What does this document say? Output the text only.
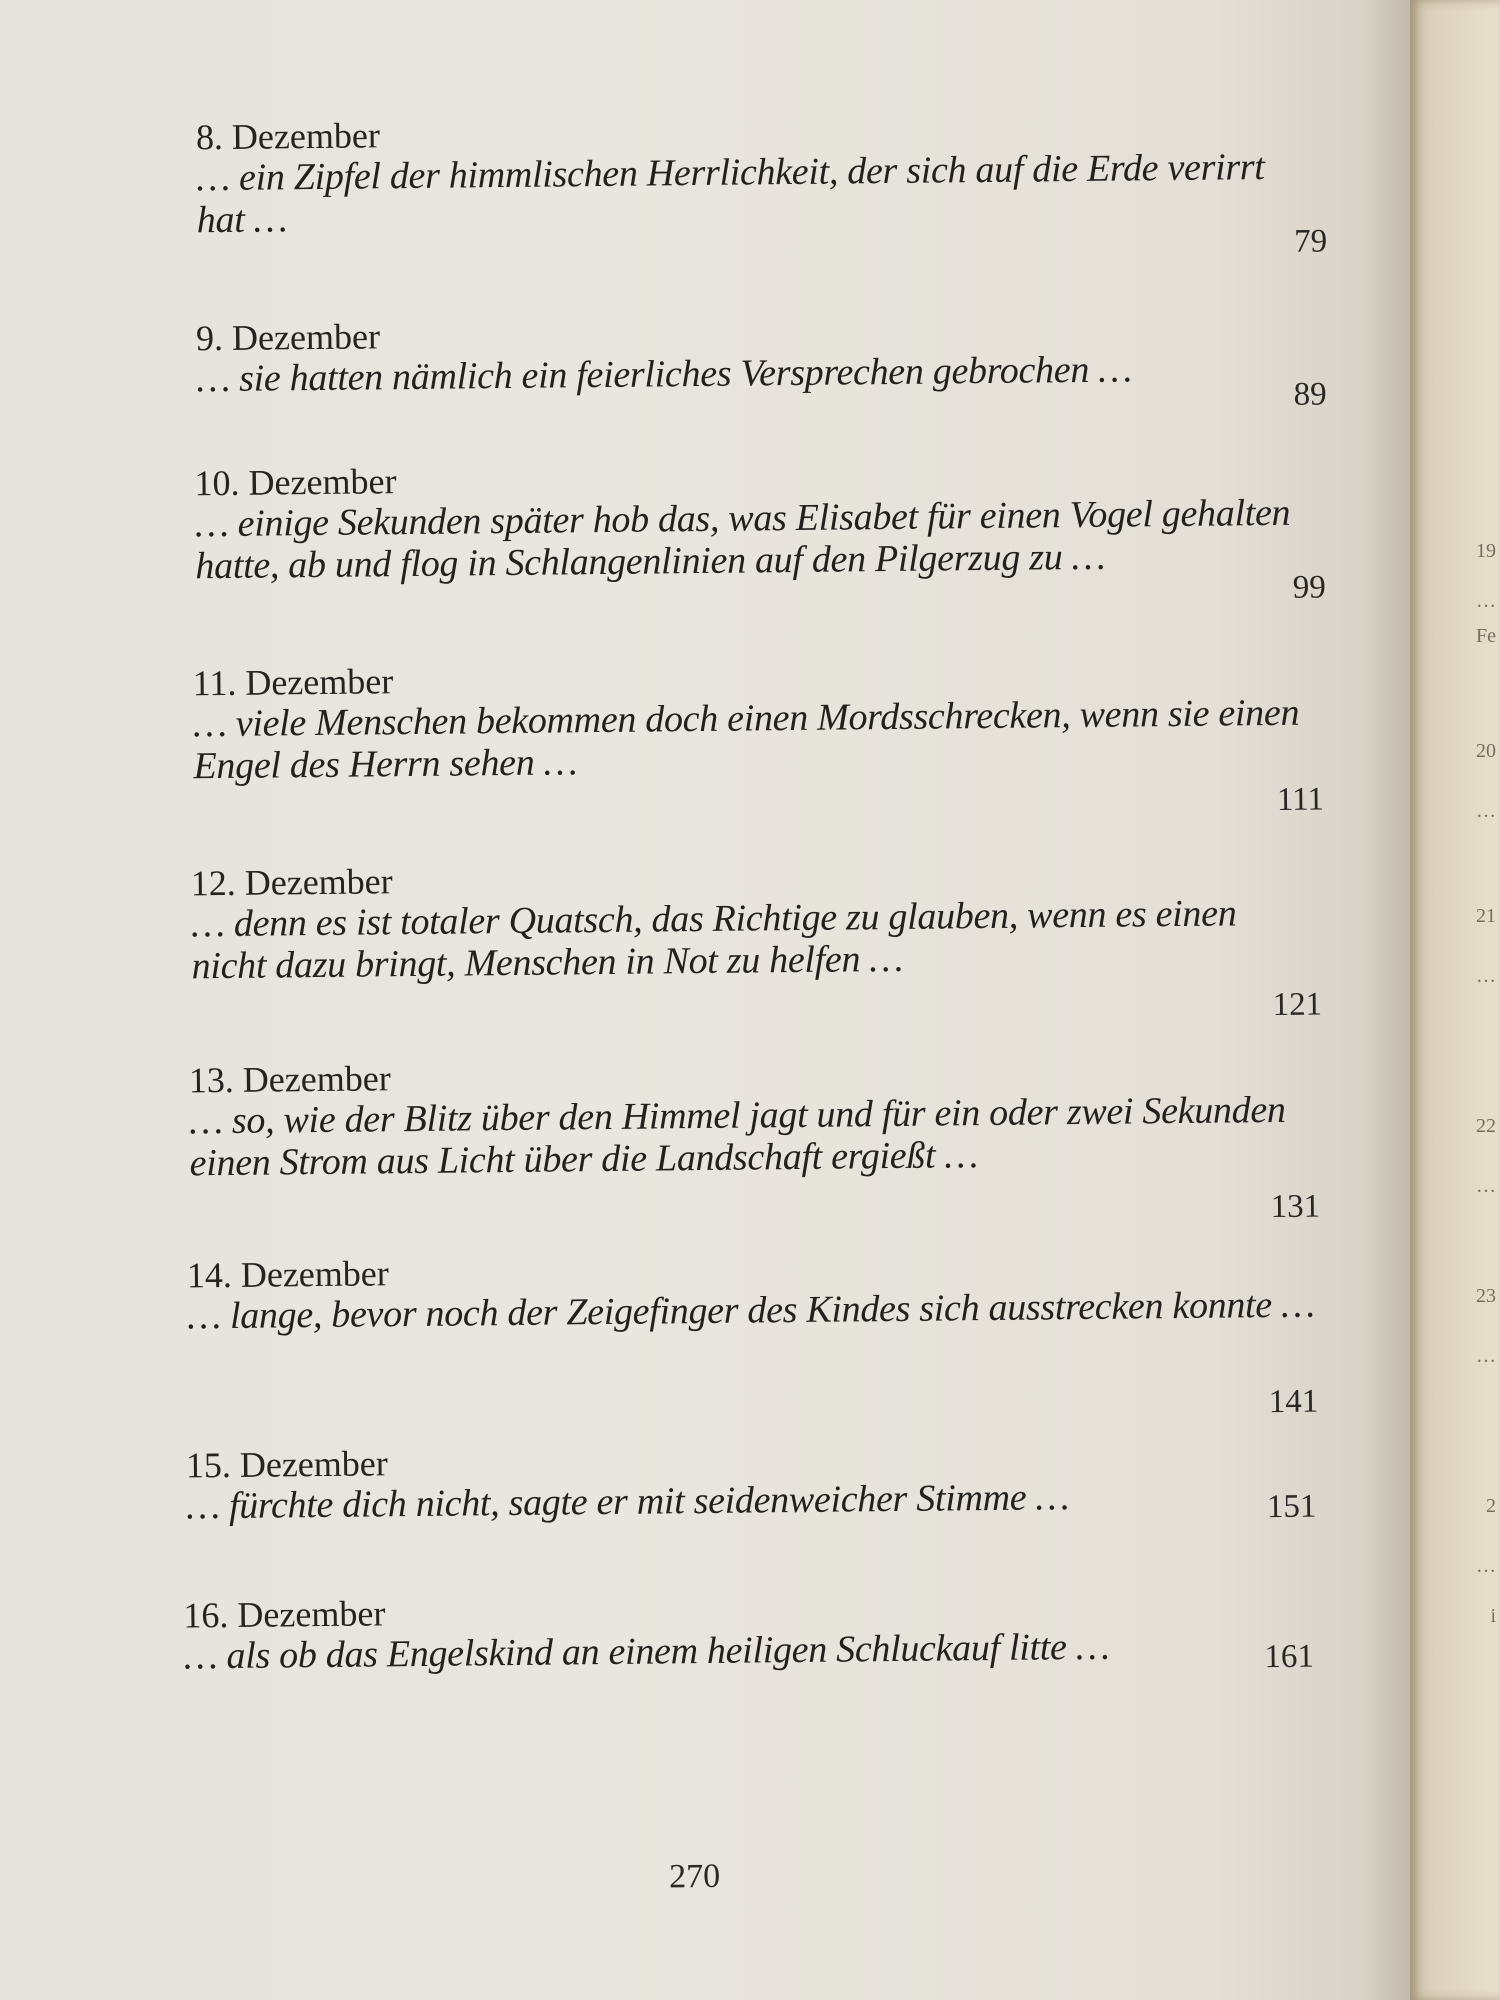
19
…
Fe
20
…
21
…
22
…
23
…
2
…
i
8. Dezember
… ein Zipfel der himmlischen Herrlichkeit, der sich auf die Erde verirrt
hat …
79
9. Dezember
… sie hatten nämlich ein feierliches Versprechen gebrochen …	89
10. Dezember
… einige Sekunden später hob das, was Elisabet für einen Vogel gehalten
hatte, ab und flog in Schlangenlinien auf den Pilgerzug zu …
99
11. Dezember
… viele Menschen bekommen doch einen Mordsschrecken, wenn sie einen
Engel des Herrn sehen …
111
12. Dezember
… denn es ist totaler Quatsch, das Richtige zu glauben, wenn es einen
nicht dazu bringt, Menschen in Not zu helfen …
121
13. Dezember
… so, wie der Blitz über den Himmel jagt und für ein oder zwei Sekunden
einen Strom aus Licht über die Landschaft ergießt …
131
14. Dezember
… lange, bevor noch der Zeigefinger des Kindes sich ausstrecken konnte …
141
15. Dezember
… fürchte dich nicht, sagte er mit seidenweicher Stimme …	151
16. Dezember
… als ob das Engelskind an einem heiligen Schluckauf litte …	161
270
